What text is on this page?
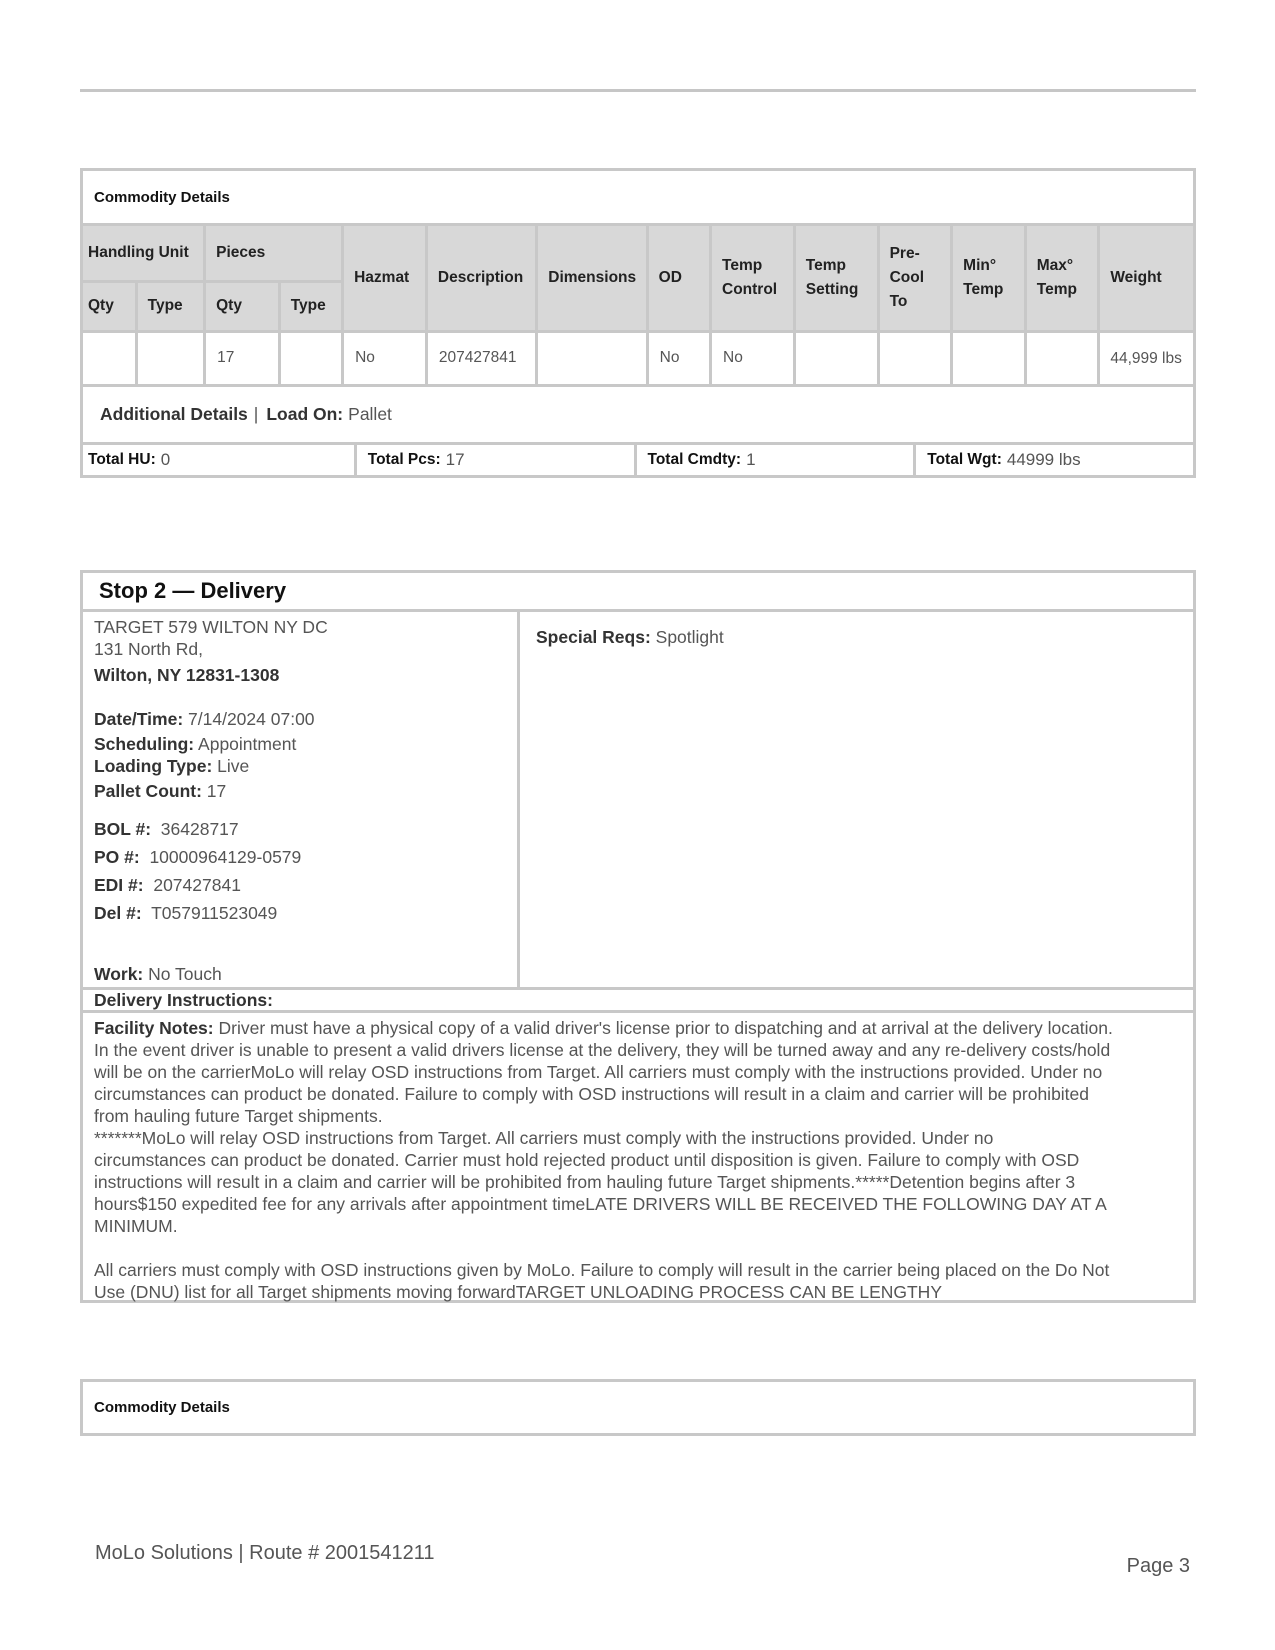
Commodity Details
Handling Unit		Pieces		Hazmat	Description	Dimensions	OD	Temp Control	Temp Setting	Pre- Cool To	Min° Temp	Max° Temp	Weight
Qty	Type	Qty	Type										
		17		No	207427841		No	No					44,999 lbs
Additional Details | Load On: Pallet
Total HU: 0	Total Pcs: 17	Total Cmdty: 1	Total Wgt: 44999 lbs
Stop 2 — Delivery
TARGET 579 WILTON NY DC
131 North Rd,
Wilton, NY 12831-1308
Date/Time: 7/14/2024 07:00
Scheduling: Appointment
Loading Type: Live
Pallet Count: 17
BOL #: 36428717
PO #: 10000964129-0579
EDI #: 207427841
Del #: T057911523049
Work: No Touch
Special Reqs: Spotlight
Delivery Instructions:
Facility Notes: Driver must have a physical copy of a valid driver's license prior to dispatching and at arrival at the delivery location.
In the event driver is unable to present a valid drivers license at the delivery, they will be turned away and any re-delivery costs/hold
will be on the carrierMoLo will relay OSD instructions from Target. All carriers must comply with the instructions provided. Under no
circumstances can product be donated. Failure to comply with OSD instructions will result in a claim and carrier will be prohibited
from hauling future Target shipments.
*******MoLo will relay OSD instructions from Target. All carriers must comply with the instructions provided. Under no
circumstances can product be donated. Carrier must hold rejected product until disposition is given. Failure to comply with OSD
instructions will result in a claim and carrier will be prohibited from hauling future Target shipments.*****Detention begins after 3
hours$150 expedited fee for any arrivals after appointment timeLATE DRIVERS WILL BE RECEIVED THE FOLLOWING DAY AT A
MINIMUM.
All carriers must comply with OSD instructions given by MoLo. Failure to comply will result in the carrier being placed on the Do Not
Use (DNU) list for all Target shipments moving forwardTARGET UNLOADING PROCESS CAN BE LENGTHY
Commodity Details
MoLo Solutions | Route # 2001541211
Page 3
